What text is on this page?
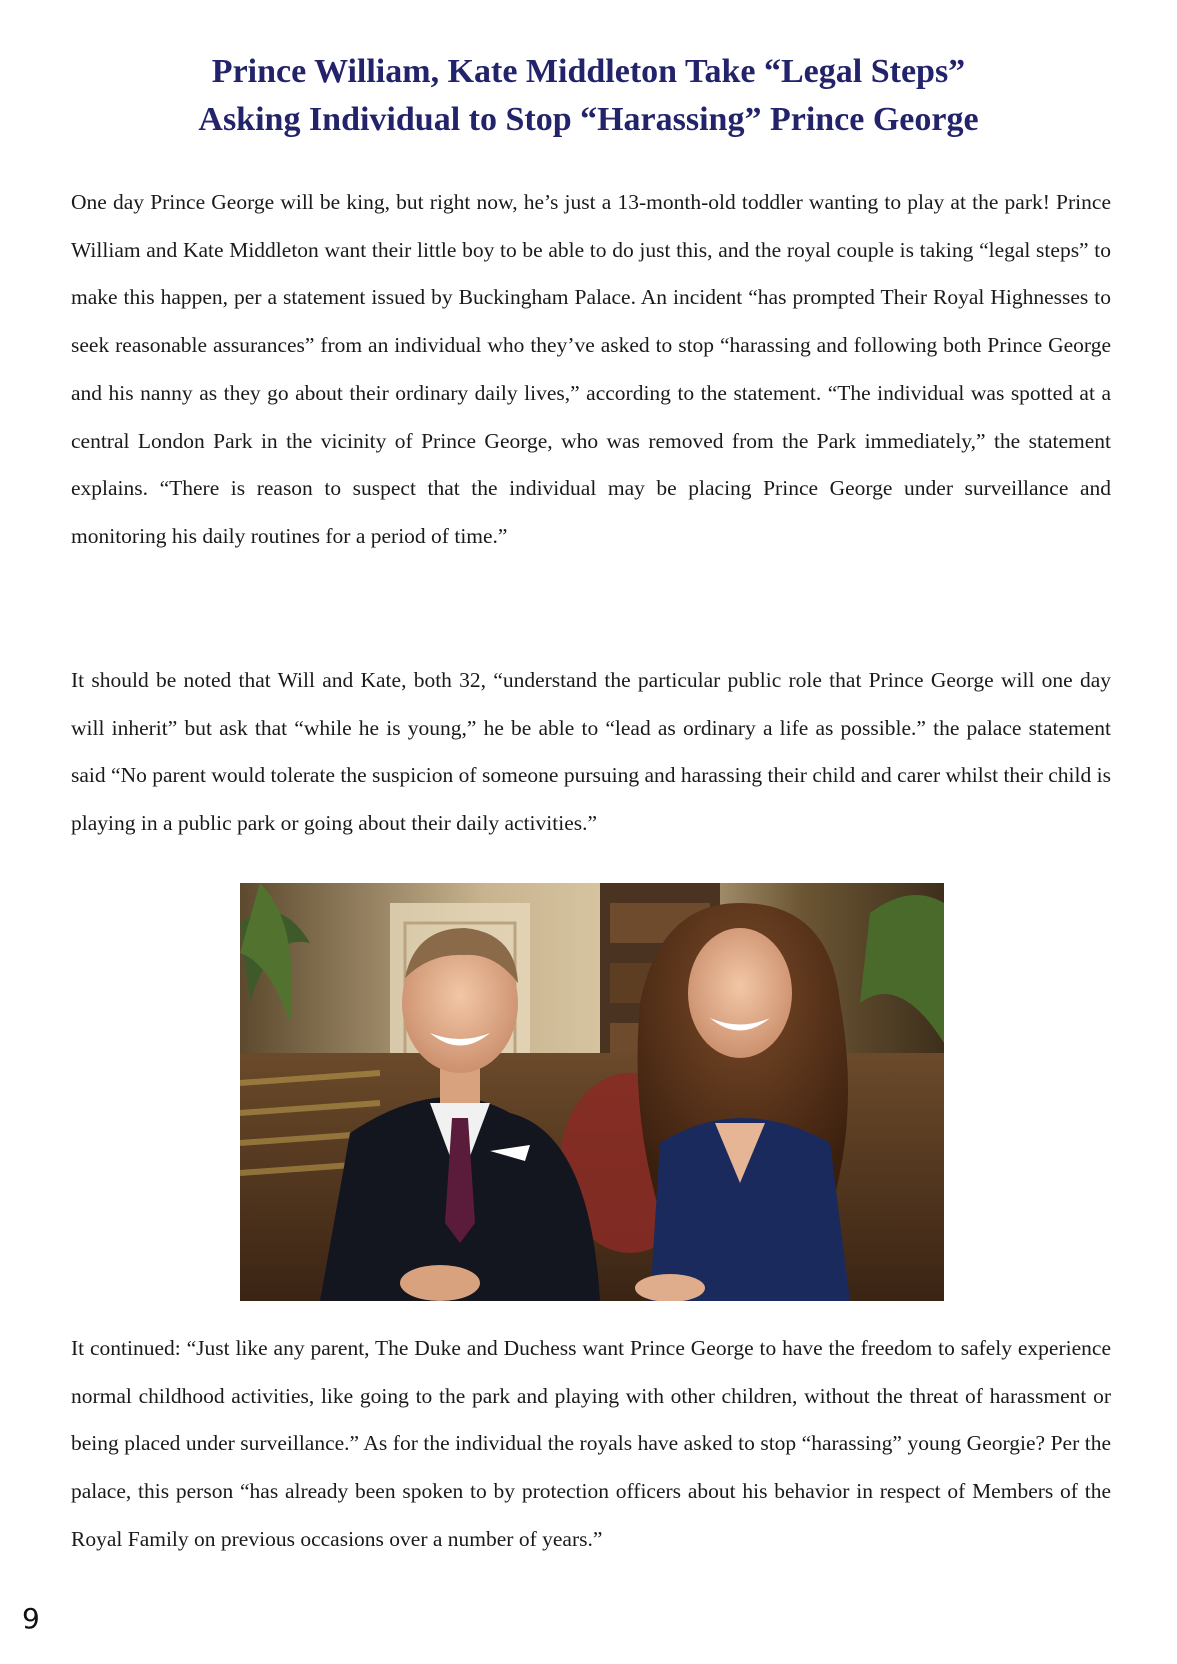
Prince William, Kate Middleton Take “Legal Steps”
Asking Individual to Stop “Harassing” Prince George

One day Prince George will be king, but right now, he’s just a 13-month-old toddler wanting to play at the park! Prince William and Kate Middleton want their little boy to be able to do just this, and the royal couple is taking “legal steps” to make this happen, per a statement issued by Buckingham Palace. An incident “has prompted Their Royal Highnesses to seek reasonable assurances” from an individual who they’ve asked to stop “harassing and following both Prince George and his nanny as they go about their ordinary daily lives,” according to the statement. “The individual was spotted at a central London Park in the vicinity of Prince George, who was removed from the Park immediately,” the statement explains. “There is reason to suspect that the individual may be placing Prince George under surveillance and monitoring his daily routines for a period of time.”

It should be noted that Will and Kate, both 32, “understand the particular public role that Prince George will one day will inherit” but ask that “while he is young,” he be able to “lead as ordinary a life as possible.” the palace statement said “No parent would tolerate the suspicion of someone pursuing and harassing their child and carer whilst their child is playing in a public park or going about their daily activities.”

It continued: “Just like any parent, The Duke and Duchess want Prince George to have the freedom to safely experience normal childhood activities, like going to the park and playing with other children, without the threat of harassment or being placed under surveillance.” As for the individual the royals have asked to stop “harassing” young Georgie? Per the palace, this person “has already been spoken to by protection officers about his behavior in respect of Members of the Royal Family on previous occasions over a number of years.”

9
